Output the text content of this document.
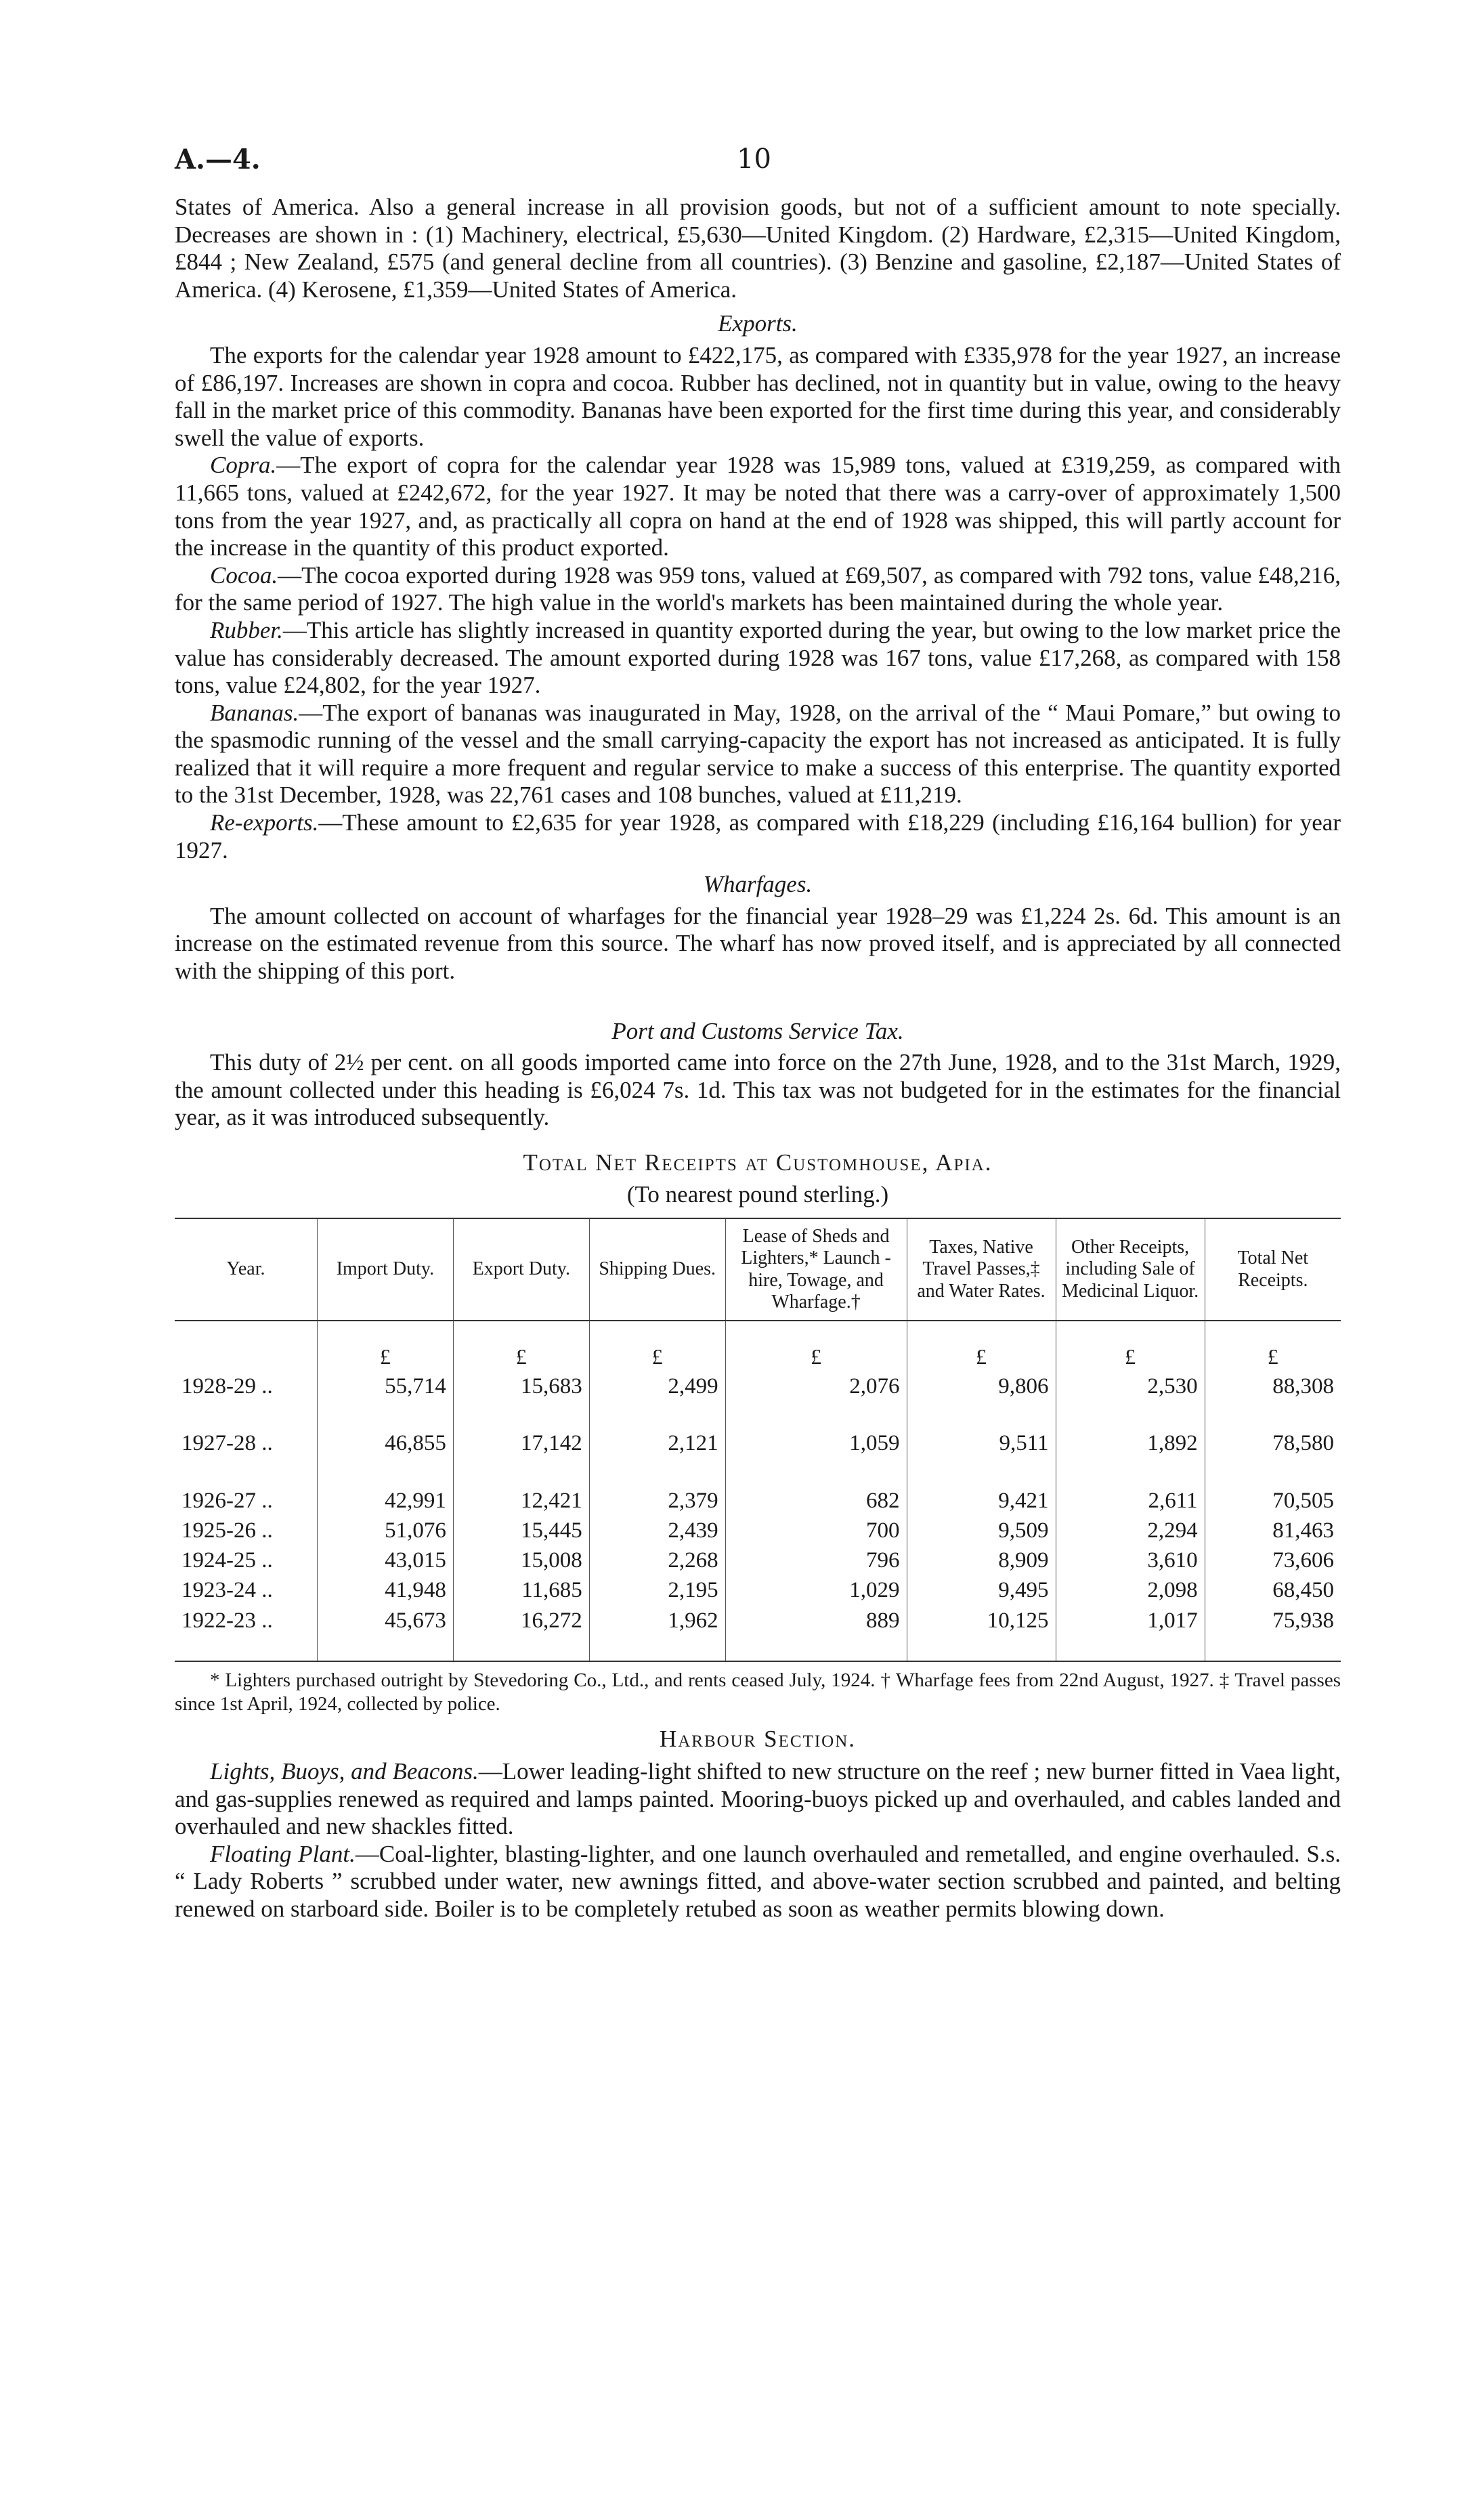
A.—4.	10

States of America. Also a general increase in all provision goods, but not of a sufficient amount to note specially. Decreases are shown in : (1) Machinery, electrical, £5,630—United Kingdom. (2) Hardware, £2,315—United Kingdom, £844 ; New Zealand, £575 (and general decline from all countries). (3) Benzine and gasoline, £2,187—United States of America. (4) Kerosene, £1,359—United States of America.

Exports.

The exports for the calendar year 1928 amount to £422,175, as compared with £335,978 for the year 1927, an increase of £86,197. Increases are shown in copra and cocoa. Rubber has declined, not in quantity but in value, owing to the heavy fall in the market price of this commodity. Bananas have been exported for the first time during this year, and considerably swell the value of exports.

Copra.—The export of copra for the calendar year 1928 was 15,989 tons, valued at £319,259, as compared with 11,665 tons, valued at £242,672, for the year 1927. It may be noted that there was a carry-over of approximately 1,500 tons from the year 1927, and, as practically all copra on hand at the end of 1928 was shipped, this will partly account for the increase in the quantity of this product exported.

Cocoa.—The cocoa exported during 1928 was 959 tons, valued at £69,507, as compared with 792 tons, value £48,216, for the same period of 1927. The high value in the world's markets has been maintained during the whole year.

Rubber.—This article has slightly increased in quantity exported during the year, but owing to the low market price the value has considerably decreased. The amount exported during 1928 was 167 tons, value £17,268, as compared with 158 tons, value £24,802, for the year 1927.

Bananas.—The export of bananas was inaugurated in May, 1928, on the arrival of the “ Maui Pomare,” but owing to the spasmodic running of the vessel and the small carrying-capacity the export has not increased as anticipated. It is fully realized that it will require a more frequent and regular service to make a success of this enterprise. The quantity exported to the 31st December, 1928, was 22,761 cases and 108 bunches, valued at £11,219.

Re-exports.—These amount to £2,635 for year 1928, as compared with £18,229 (including £16,164 bullion) for year 1927.

Wharfages.

The amount collected on account of wharfages for the financial year 1928–29 was £1,224 2s. 6d. This amount is an increase on the estimated revenue from this source. The wharf has now proved itself, and is appreciated by all connected with the shipping of this port.

Port and Customs Service Tax.

This duty of 2½ per cent. on all goods imported came into force on the 27th June, 1928, and to the 31st March, 1929, the amount collected under this heading is £6,024 7s. 1d. This tax was not budgeted for in the estimates for the financial year, as it was introduced subsequently.

Total Net Receipts at Customhouse, Apia.
(To nearest pound sterling.)
Year.	Import Duty.	Export Duty.	Shipping Dues.	Lease of Sheds and Lighters,* Launch - hire, Towage, and Wharfage.†	Taxes, Native Travel Passes,‡ and Water Rates.	Other Receipts, including Sale of Medicinal Liquor.	Total Net Receipts.
	£	£	£	£	£	£	£
1928-29 ..	55,714	15,683	2,499	2,076	9,806	2,530	88,308

1927-28 ..	46,855	17,142	2,121	1,059	9,511	1,892	78,580

1926-27 ..	42,991	12,421	2,379	682	9,421	2,611	70,505
1925-26 ..	51,076	15,445	2,439	700	9,509	2,294	81,463
1924-25 ..	43,015	15,008	2,268	796	8,909	3,610	73,606
1923-24 ..	41,948	11,685	2,195	1,029	9,495	2,098	68,450
1922-23 ..	45,673	16,272	1,962	889	10,125	1,017	75,938

* Lighters purchased outright by Stevedoring Co., Ltd., and rents ceased July, 1924. † Wharfage fees from 22nd August, 1927. ‡ Travel passes since 1st April, 1924, collected by police.

Harbour Section.

Lights, Buoys, and Beacons.—Lower leading-light shifted to new structure on the reef ; new burner fitted in Vaea light, and gas-supplies renewed as required and lamps painted. Mooring-buoys picked up and overhauled, and cables landed and overhauled and new shackles fitted.

Floating Plant.—Coal-lighter, blasting-lighter, and one launch overhauled and remetalled, and engine overhauled. S.s. “ Lady Roberts ” scrubbed under water, new awnings fitted, and above-water section scrubbed and painted, and belting renewed on starboard side. Boiler is to be completely retubed as soon as weather permits blowing down.
